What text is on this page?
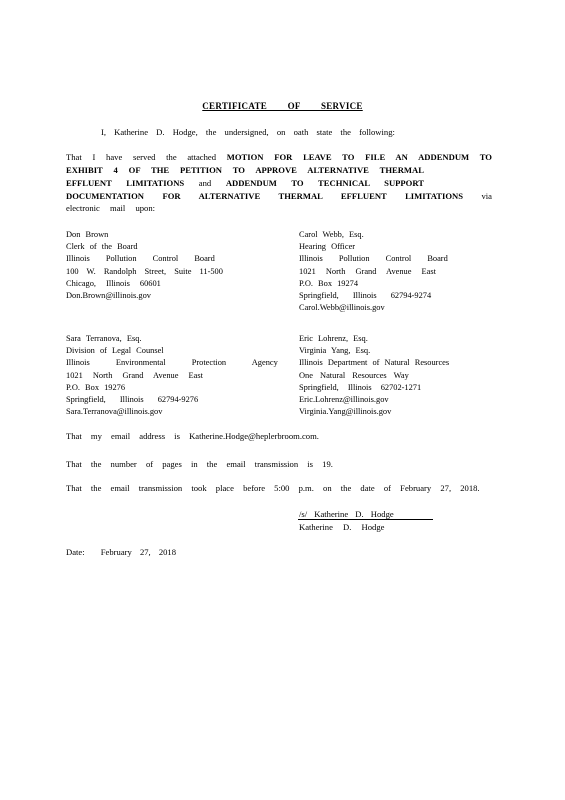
CERTIFICATE OF SERVICE
I, Katherine D. Hodge, the undersigned, on oath state the following:
That I have served the attached MOTION FOR LEAVE TO FILE AN ADDENDUM TO
EXHIBIT 4 OF THE PETITION TO APPROVE ALTERNATIVE THERMAL
EFFLUENT LIMITATIONS and ADDENDUM TO TECHNICAL SUPPORT
DOCUMENTATION FOR ALTERNATIVE THERMAL EFFLUENT LIMITATIONS via
electronic mail upon:
Don Brown
Clerk of the Board
Illinois Pollution Control Board
100 W. Randolph Street, Suite 11-500
Chicago, Illinois 60601
Don.Brown@illinois.gov
Carol Webb, Esq.
Hearing Officer
Illinois Pollution Control Board
1021 North Grand Avenue East
P.O. Box 19274
Springfield, Illinois 62794-9274
Carol.Webb@illinois.gov
Sara Terranova, Esq.
Division of Legal Counsel
Illinois Environmental Protection Agency
1021 North Grand Avenue East
P.O. Box 19276
Springfield, Illinois 62794-9276
Sara.Terranova@illinois.gov
Eric Lohrenz, Esq.
Virginia Yang, Esq.
Illinois Department of Natural Resources
One Natural Resources Way
Springfield, Illinois 62702-1271
Eric.Lohrenz@illinois.gov
Virginia.Yang@illinois.gov
That my email address is Katherine.Hodge@heplerbroom.com.
That the number of pages in the email transmission is 19.
That the email transmission took place before 5:00 p.m. on the date of February 27, 2018.
/s/ Katherine D. Hodge
Katherine D. Hodge
Date: February 27, 2018
